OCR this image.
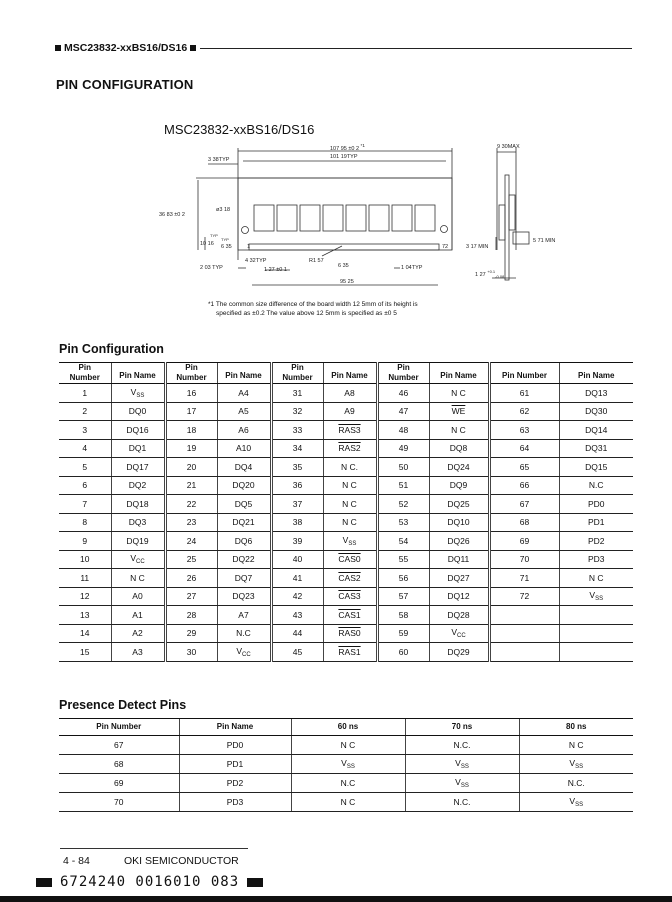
MSC23832-xxBS16/DS16
PIN CONFIGURATION
MSC23832-xxBS16/DS16
107 95 ±0 2 $^{*1}$
101 19TYP
3 38TYP
36 83 ±0 2
ø3 18
TYP
TYP
10 16 6 35	1	72
4 32TYP
2 03 TYP	1 27 ±0 1
R1 57
6 35	1 04TYP
95 25
9 30MAX
3 17 MIN
5 71 MIN
1 27 $^{+0.1}_{-0.08}$
*1 The common size difference of the board width 12 5mm of its height is
specified as ±0.2 The value above 12 5mm is specified as ±0 5
Pin Configuration
Pin
Number	Pin Name	Pin
Number	Pin Name	Pin
Number	Pin Name	Pin
Number	Pin Name	Pin Number	Pin Name
1	$V_{SS}$	16	A4	31	A8	46	N C	61	DQ13
2	DQ0	17	A5	32	A9	47	$\overline{WE}$	62	DQ30
3	DQ16	18	A6	33	RAS3	48	N C	63	DQ14
4	DQ1	19	A10	34	RAS2	49	DQ8	64	DQ31
5	DQ17	20	DQ4	35	N C.	50	DQ24	65	DQ15
6	DQ2	21	DQ20	36	N C	51	DQ9	66	N.C
7	DQ18	22	DQ5	37	N C	52	DQ25	67	PD0
8	DQ3	23	DQ21	38	N C	53	DQ10	68	PD1
9	DQ19	24	DQ6	39	$V_{SS}$	54	DQ26	69	PD2
10	$V_{CC}$	25	DQ22	40	CAS0	55	DQ11	70	PD3
11	N C	26	DQ7	41	CAS2	56	DQ27	71	N C
12	A0	27	DQ23	42	CAS3	57	DQ12	72	$V_{SS}$
13	A1	28	A7	43	CAS1	58	DQ28		
14	A2	29	N.C	44	RAS0	59	$V_{CC}$		
15	A3	30	$V_{CC}$	45	RAS1	60	DQ29		
Presence Detect Pins
Pin Number	Pin Name	60 ns	70 ns	80 ns
67	PD0	N C	N.C.	N C
68	PD1	$V_{SS}$	$V_{SS}$	$V_{SS}$
69	PD2	N.C	$V_{SS}$	N.C.
70	PD3	N C	N.C.	$V_{SS}$
4 - 84	OKI SEMICONDUCTOR
6724240 0016010 083
